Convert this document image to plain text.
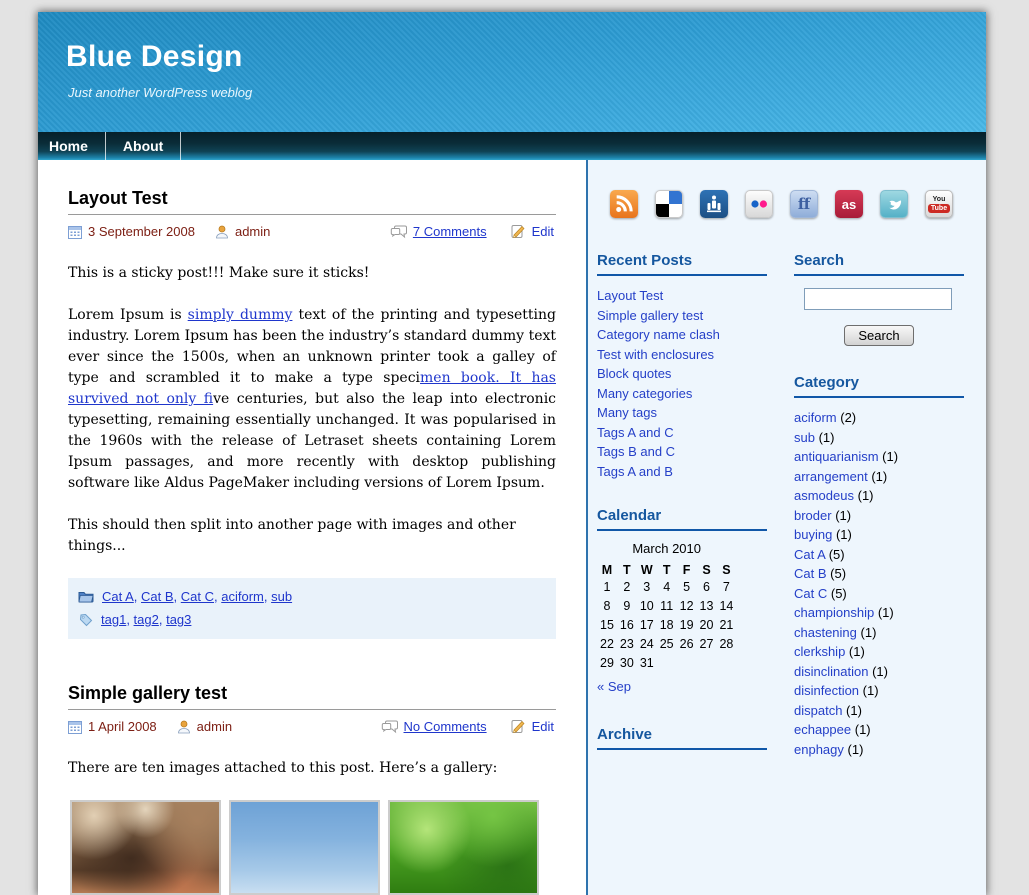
Blue Design
Just another WordPress weblog
Home	About
Layout Test
3 September 2008	admin	7 Comments	Edit

This is a sticky post!!! Make sure it sticks!

Lorem Ipsum is simply dummy text of the printing and typesetting industry. Lorem Ipsum has been the industry’s standard dummy text ever since the 1500s, when an unknown printer took a galley of type and scrambled it to make a type specimen book. It has survived not only five centuries, but also the leap into electronic typesetting, remaining essentially unchanged. It was popularised in the 1960s with the release of Letraset sheets containing Lorem Ipsum passages, and more recently with desktop publishing software like Aldus PageMaker including versions of Lorem Ipsum.

This should then split into another page with images and other things...

Cat A , Cat B , Cat C , aciform , sub
tag1 , tag2 , tag3
Simple gallery test
1 April 2008	admin	No Comments	Edit

There are ten images attached to this post. Here’s a gallery:

ff as	You
Tube
Recent Posts
Layout Test
Simple gallery test
Category name clash
Test with enclosures
Block quotes
Many categories
Many tags
Tags A and C
Tags B and C
Tags A and B
Calendar
March 2010
M	T	W	T	F	S	S
1	2	3	4	5	6	7
8	9	10	11	12	13	14
15	16	17	18	19	20	21
22	23	24	25	26	27	28
29	30	31				
« Sep
Archive
Search
Search
Category
aciform (2)
sub (1)
antiquarianism (1)
arrangement (1)
asmodeus (1)
broder (1)
buying (1)
Cat A (5)
Cat B (5)
Cat C (5)
championship (1)
chastening (1)
clerkship (1)
disinclination (1)
disinfection (1)
dispatch (1)
echappee (1)
enphagy (1)
